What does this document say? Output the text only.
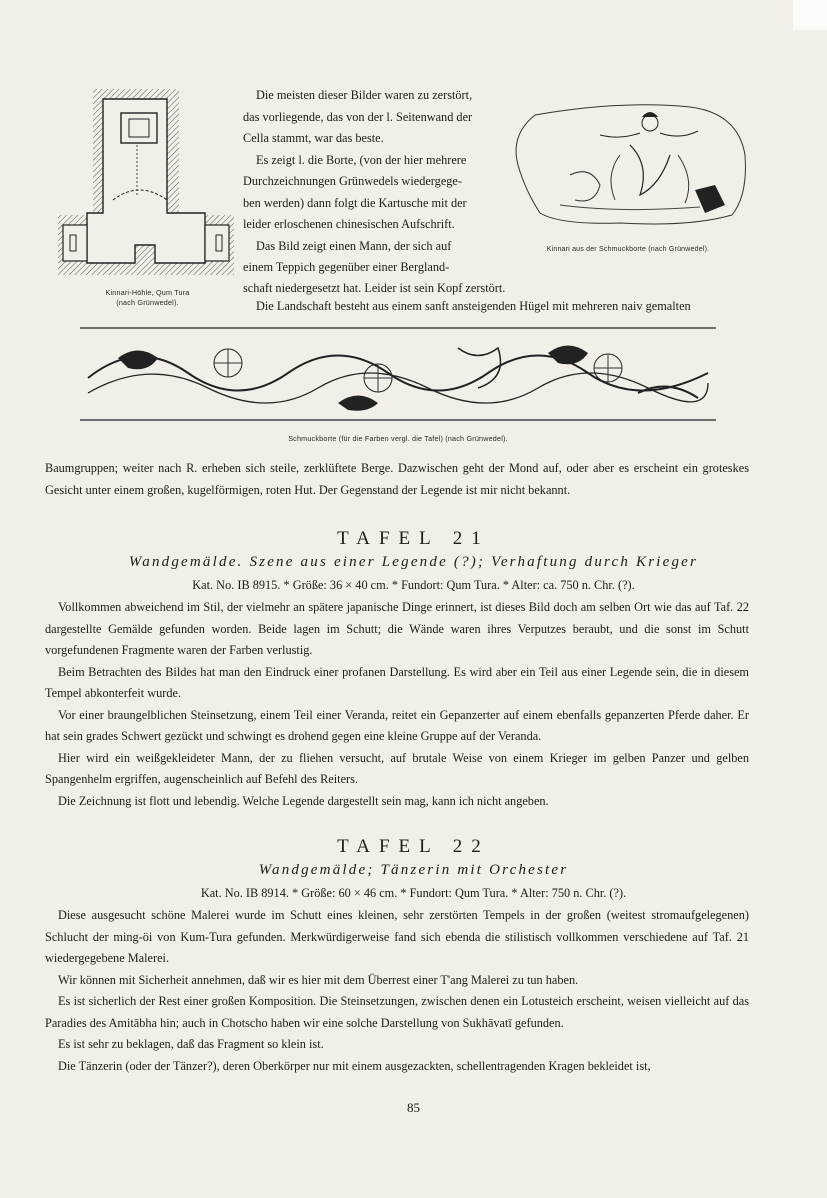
Kinnari-Höhle, Qum Tura
(nach Grünwedel).
Die meisten dieser Bilder waren zu zerstört,
das vorliegende, das von der l. Seitenwand der
Cella stammt, war das beste.
Es zeigt l. die Borte, (von der hier mehrere
Durchzeichnungen Grünwedels wiedergege-
ben werden) dann folgt die Kartusche mit der
leider erloschenen chinesischen Aufschrift.
Das Bild zeigt einen Mann, der sich auf
einem Teppich gegenüber einer Bergland-
schaft niedergesetzt hat. Leider ist sein Kopf zerstört.
Die Landschaft besteht aus einem sanft ansteigenden Hügel mit mehreren naiv gemalten
Kinnari aus der Schmuckborte (nach Grünwedel).
Schmuckborte (für die Farben vergl. die Tafel) (nach Grünwedel).

Baumgruppen; weiter nach R. erheben sich steile, zerklüftete Berge. Dazwischen geht der Mond auf, oder aber es erscheint ein groteskes Gesicht unter einem großen, kugelförmigen, roten Hut. Der Gegenstand der Legende ist mir nicht bekannt.

TAFEL 21
Wandgemälde. Szene aus einer Legende (?); Verhaftung durch Krieger
Kat. No. IB 8915. * Größe: 36 × 40 cm. * Fundort: Qum Tura. * Alter: ca. 750 n. Chr. (?).

Vollkommen abweichend im Stil, der vielmehr an spätere japanische Dinge erinnert, ist dieses Bild doch am selben Ort wie das auf Taf. 22 dargestellte Gemälde gefunden worden. Beide lagen im Schutt; die Wände waren ihres Verputzes beraubt, und die sonst im Schutt vorgefundenen Fragmente waren der Farben verlustig.

Beim Betrachten des Bildes hat man den Eindruck einer profanen Darstellung. Es wird aber ein Teil aus einer Legende sein, die in diesem Tempel abkonterfeit wurde.

Vor einer braungelblichen Steinsetzung, einem Teil einer Veranda, reitet ein Gepanzerter auf einem ebenfalls gepanzerten Pferde daher. Er hat sein grades Schwert gezückt und schwingt es drohend gegen eine kleine Gruppe auf der Veranda.

Hier wird ein weißgekleideter Mann, der zu fliehen versucht, auf brutale Weise von einem Krieger im gelben Panzer und gelben Spangenhelm ergriffen, augenscheinlich auf Befehl des Reiters.

Die Zeichnung ist flott und lebendig. Welche Legende dargestellt sein mag, kann ich nicht angeben.

TAFEL 22
Wandgemälde; Tänzerin mit Orchester
Kat. No. IB 8914. * Größe: 60 × 46 cm. * Fundort: Qum Tura. * Alter: 750 n. Chr. (?).

Diese ausgesucht schöne Malerei wurde im Schutt eines kleinen, sehr zerstörten Tempels in der großen (weitest stromaufgelegenen) Schlucht der ming-öi von Kum-Tura gefunden. Merkwürdigerweise fand sich ebenda die stilistisch vollkommen verschiedene auf Taf. 21 wiedergegebene Malerei.

Wir können mit Sicherheit annehmen, daß wir es hier mit dem Überrest einer T'ang Malerei zu tun haben.

Es ist sicherlich der Rest einer großen Komposition. Die Steinsetzungen, zwischen denen ein Lotusteich erscheint, weisen vielleicht auf das Paradies des Amitābha hin; auch in Chotscho haben wir eine solche Darstellung von Sukhāvatī gefunden.

Es ist sehr zu beklagen, daß das Fragment so klein ist.

Die Tänzerin (oder der Tänzer?), deren Oberkörper nur mit einem ausgezackten, schellentragenden Kragen bekleidet ist,

85
